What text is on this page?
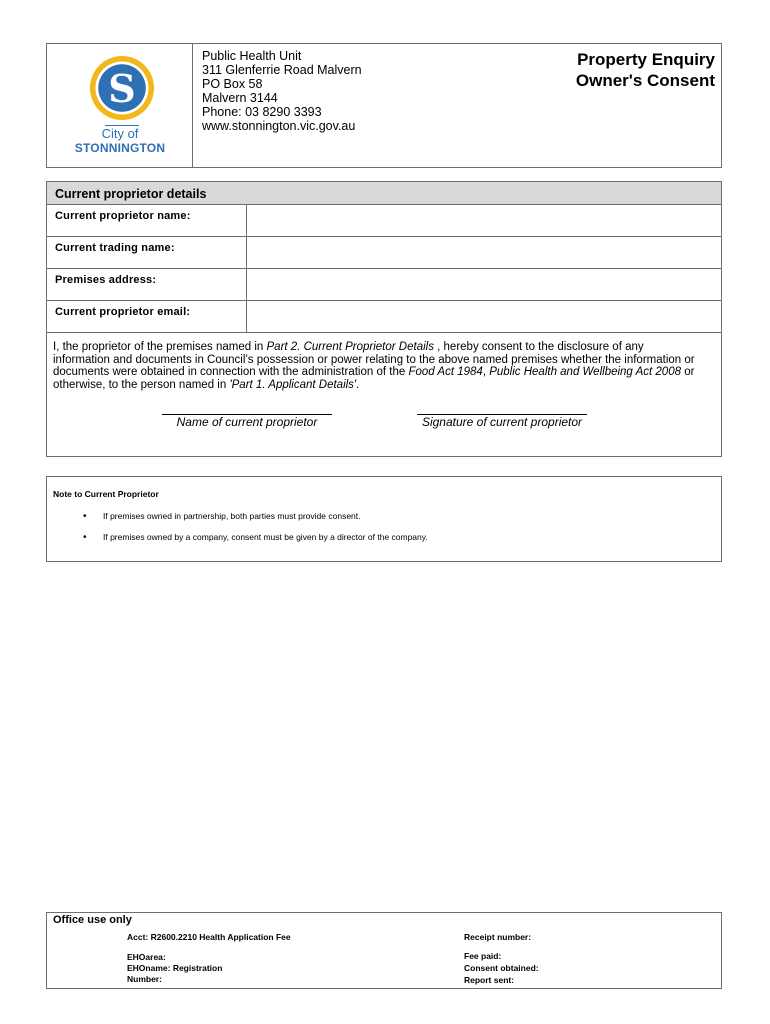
S
City of
STONNINGTON
Public Health Unit
311 Glenferrie Road Malvern
PO Box 58
Malvern 3144
Phone: 03 8290 3393
www.stonnington.vic.gov.au
Property Enquiry
Owner's Consent
Current proprietor details
Current proprietor name:
Current trading name:
Premises address:
Current proprietor email:

I, the proprietor of the premises named in Part 2. Current Proprietor Details , hereby consent to the disclosure of any information and documents in Council’s possession or power relating to the above named premises whether the information or documents were obtained in connection with the administration of the Food Act 1984, Public Health and Wellbeing Act 2008 or otherwise, to the person named in 'Part 1. Applicant Details'.

Name of current proprietor	Signature of current proprietor
Note to Current Proprietor
• If premises owned in partnership, both parties must provide consent.
• If premises owned by a company, consent must be given by a director of the company.
Office use only
Acct: R2600.2210 Health Application Fee
EHOarea:
EHOname: Registration
Number:
Receipt number:
Fee paid:
Consent obtained:
Report sent:
